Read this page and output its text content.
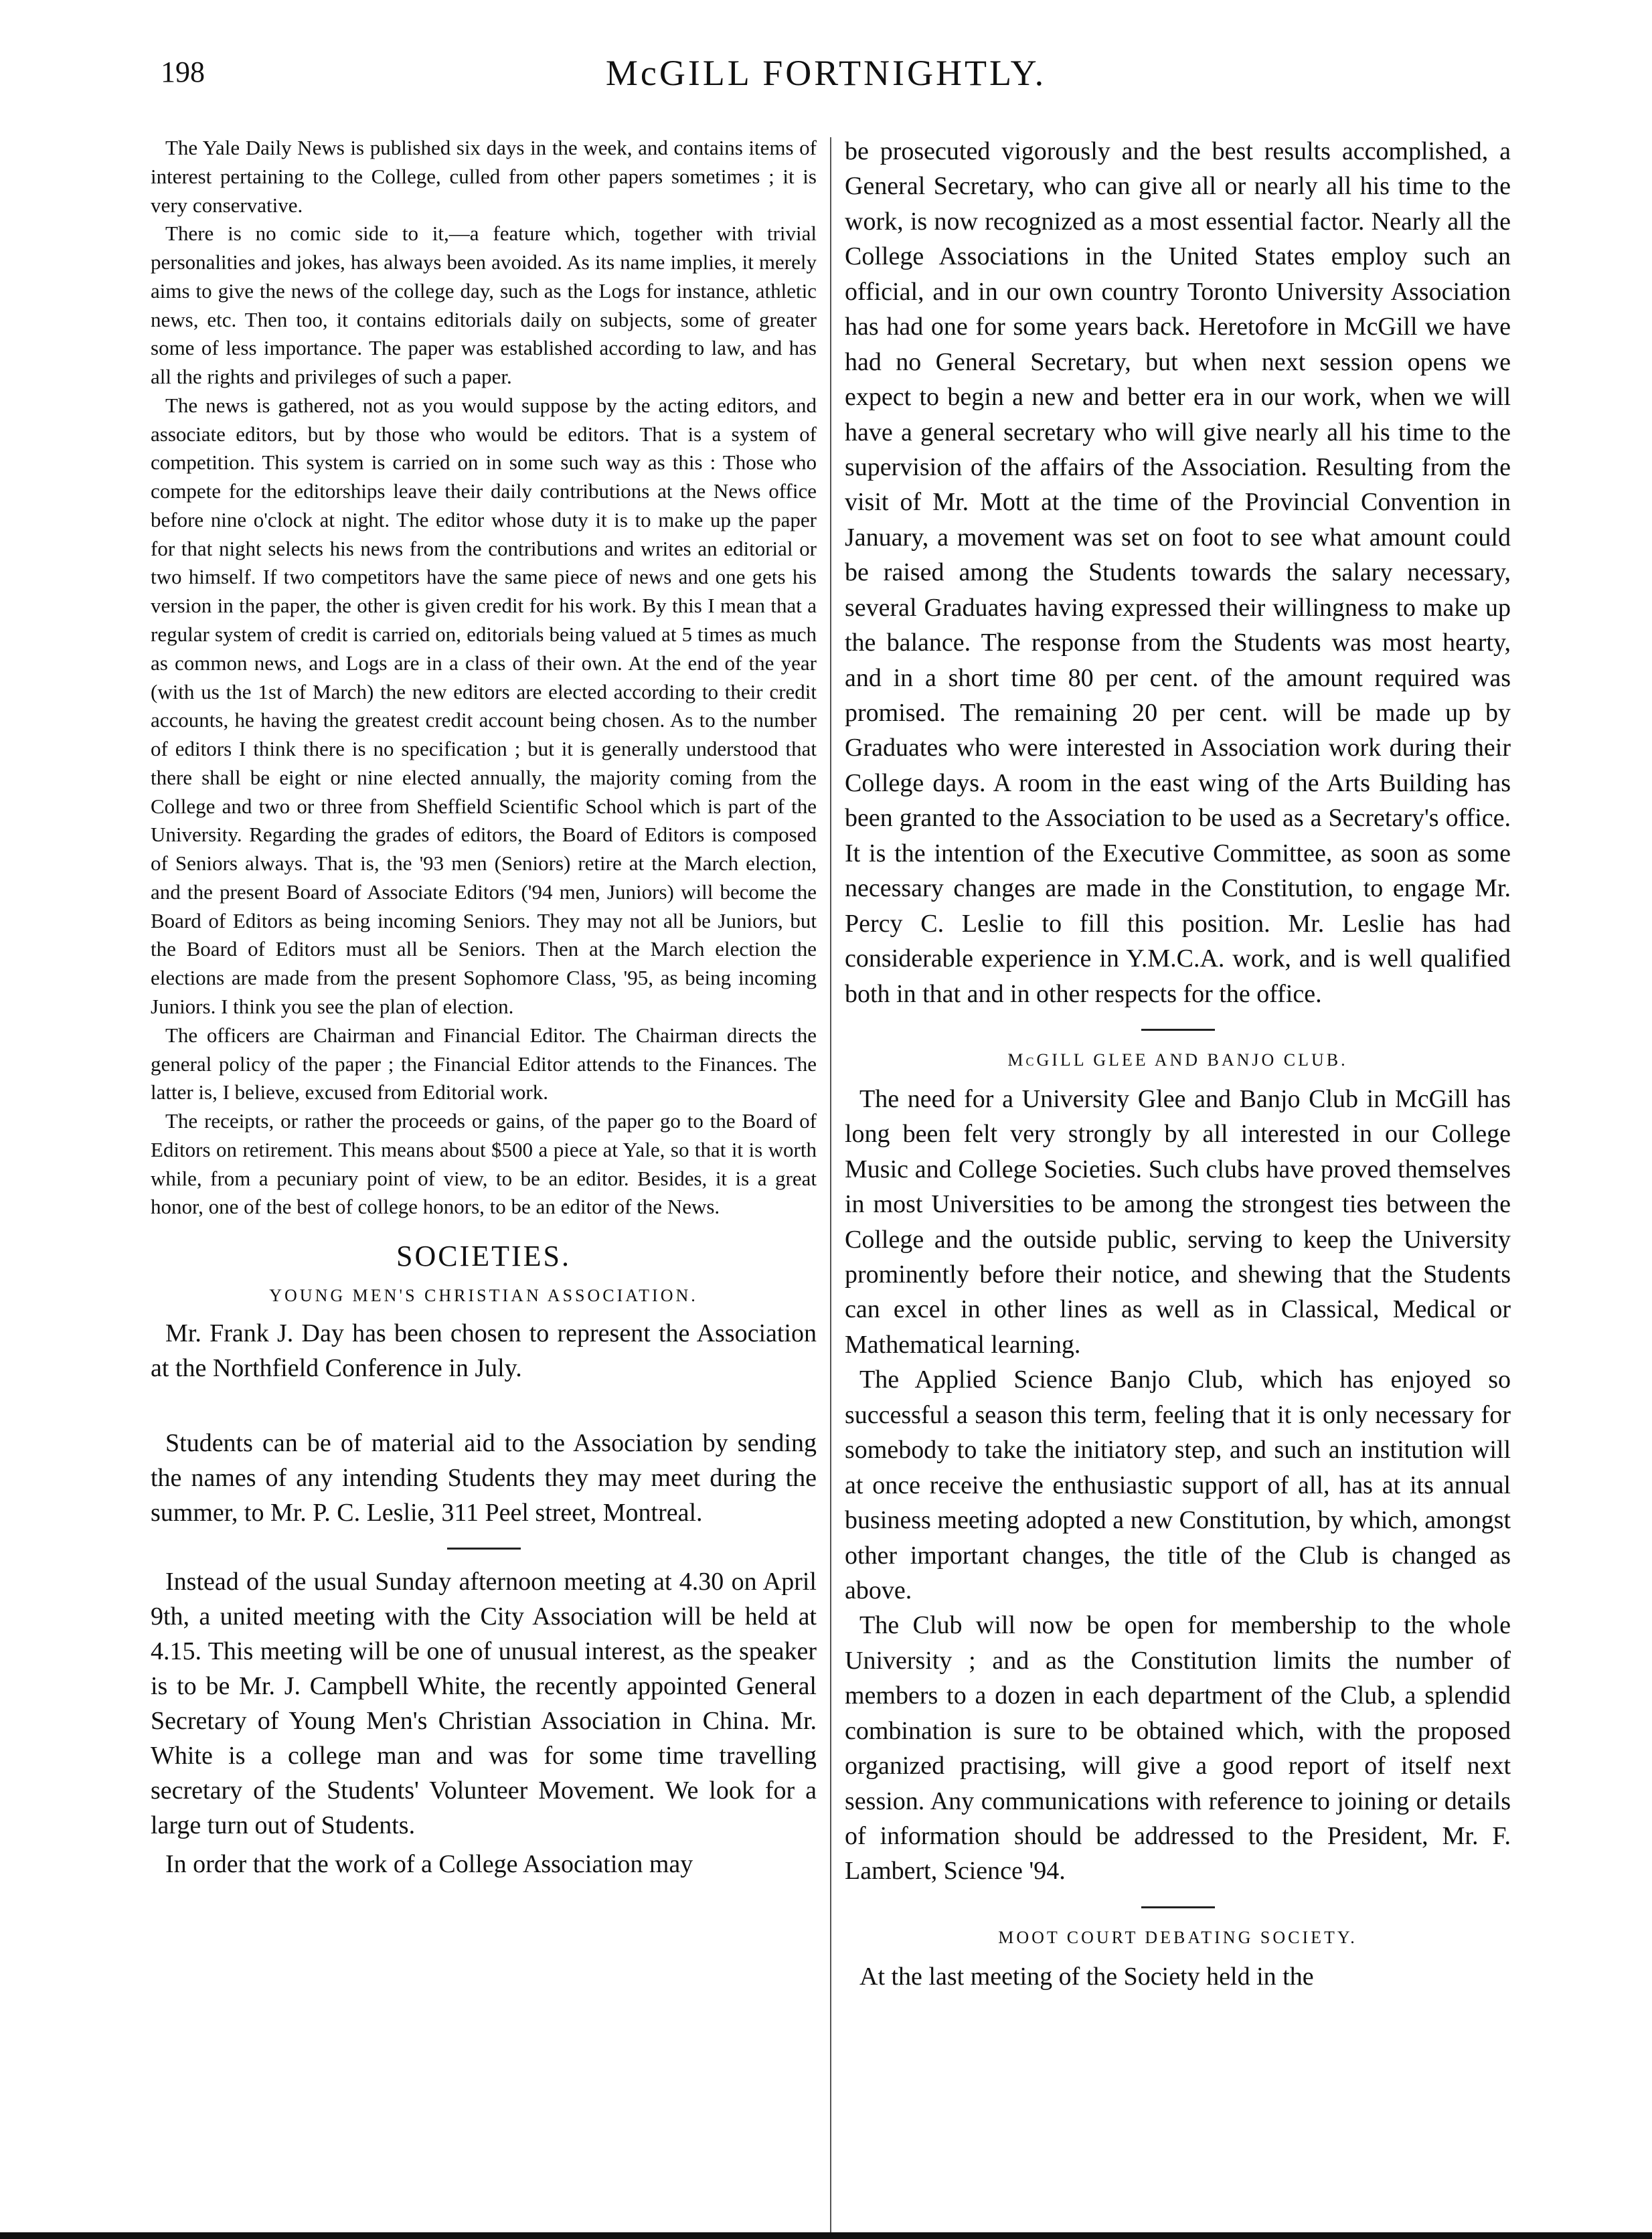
198	McGILL FORTNIGHTLY.

The Yale Daily News is published six days in the week, and contains items of interest pertaining to the College, culled from other papers sometimes ; it is very conservative.

There is no comic side to it,—a feature which, together with trivial personalities and jokes, has always been avoided. As its name implies, it merely aims to give the news of the college day, such as the Logs for instance, athletic news, etc. Then too, it contains editorials daily on subjects, some of greater some of less importance. The paper was established according to law, and has all the rights and privileges of such a paper.

The news is gathered, not as you would suppose by the acting editors, and associate editors, but by those who would be editors. That is a system of competition. This system is carried on in some such way as this : Those who compete for the editorships leave their daily contributions at the News office before nine o'clock at night. The editor whose duty it is to make up the paper for that night selects his news from the contributions and writes an editorial or two himself. If two competitors have the same piece of news and one gets his version in the paper, the other is given credit for his work. By this I mean that a regular system of credit is carried on, editorials being valued at 5 times as much as common news, and Logs are in a class of their own. At the end of the year (with us the 1st of March) the new editors are elected according to their credit accounts, he having the greatest credit account being chosen. As to the number of editors I think there is no specification ; but it is generally understood that there shall be eight or nine elected annually, the majority coming from the College and two or three from Sheffield Scientific School which is part of the University. Regarding the grades of editors, the Board of Editors is composed of Seniors always. That is, the '93 men (Seniors) retire at the March election, and the present Board of Associate Editors ('94 men, Juniors) will become the Board of Editors as being incoming Seniors. They may not all be Juniors, but the Board of Editors must all be Seniors. Then at the March election the elections are made from the present Sophomore Class, '95, as being incoming Juniors. I think you see the plan of election.

The officers are Chairman and Financial Editor. The Chairman directs the general policy of the paper ; the Financial Editor attends to the Finances. The latter is, I believe, excused from Editorial work.

The receipts, or rather the proceeds or gains, of the paper go to the Board of Editors on retirement. This means about $500 a piece at Yale, so that it is worth while, from a pecuniary point of view, to be an editor. Besides, it is a great honor, one of the best of college honors, to be an editor of the News.

SOCIETIES.
YOUNG MEN'S CHRISTIAN ASSOCIATION.

Mr. Frank J. Day has been chosen to represent the Association at the Northfield Conference in July.

Students can be of material aid to the Association by sending the names of any intending Students they may meet during the summer, to Mr. P. C. Leslie, 311 Peel street, Montreal.

Instead of the usual Sunday afternoon meeting at 4.30 on April 9th, a united meeting with the City Association will be held at 4.15. This meeting will be one of unusual interest, as the speaker is to be Mr. J. Campbell White, the recently appointed General Secretary of Young Men's Christian Association in China. Mr. White is a college man and was for some time travelling secretary of the Students' Volunteer Movement. We look for a large turn out of Students.

In order that the work of a College Association may

be prosecuted vigorously and the best results accomplished, a General Secretary, who can give all or nearly all his time to the work, is now recognized as a most essential factor. Nearly all the College Associations in the United States employ such an official, and in our own country Toronto University Association has had one for some years back. Heretofore in McGill we have had no General Secretary, but when next session opens we expect to begin a new and better era in our work, when we will have a general secretary who will give nearly all his time to the supervision of the affairs of the Association. Resulting from the visit of Mr. Mott at the time of the Provincial Convention in January, a movement was set on foot to see what amount could be raised among the Students towards the salary necessary, several Graduates having expressed their willingness to make up the balance. The response from the Students was most hearty, and in a short time 80 per cent. of the amount required was promised. The remaining 20 per cent. will be made up by Graduates who were interested in Association work during their College days. A room in the east wing of the Arts Building has been granted to the Association to be used as a Secretary's office. It is the intention of the Executive Committee, as soon as some necessary changes are made in the Constitution, to engage Mr. Percy C. Leslie to fill this position. Mr. Leslie has had considerable experience in Y.M.C.A. work, and is well qualified both in that and in other respects for the office.

McGILL GLEE AND BANJO CLUB.

The need for a University Glee and Banjo Club in McGill has long been felt very strongly by all interested in our College Music and College Societies. Such clubs have proved themselves in most Universities to be among the strongest ties between the College and the outside public, serving to keep the University prominently before their notice, and shewing that the Students can excel in other lines as well as in Classical, Medical or Mathematical learning.

The Applied Science Banjo Club, which has enjoyed so successful a season this term, feeling that it is only necessary for somebody to take the initiatory step, and such an institution will at once receive the enthusiastic support of all, has at its annual business meeting adopted a new Constitution, by which, amongst other important changes, the title of the Club is changed as above.

The Club will now be open for membership to the whole University ; and as the Constitution limits the number of members to a dozen in each department of the Club, a splendid combination is sure to be obtained which, with the proposed organized practising, will give a good report of itself next session. Any communications with reference to joining or details of information should be addressed to the President, Mr. F. Lambert, Science '94.

MOOT COURT DEBATING SOCIETY.

At the last meeting of the Society held in the
